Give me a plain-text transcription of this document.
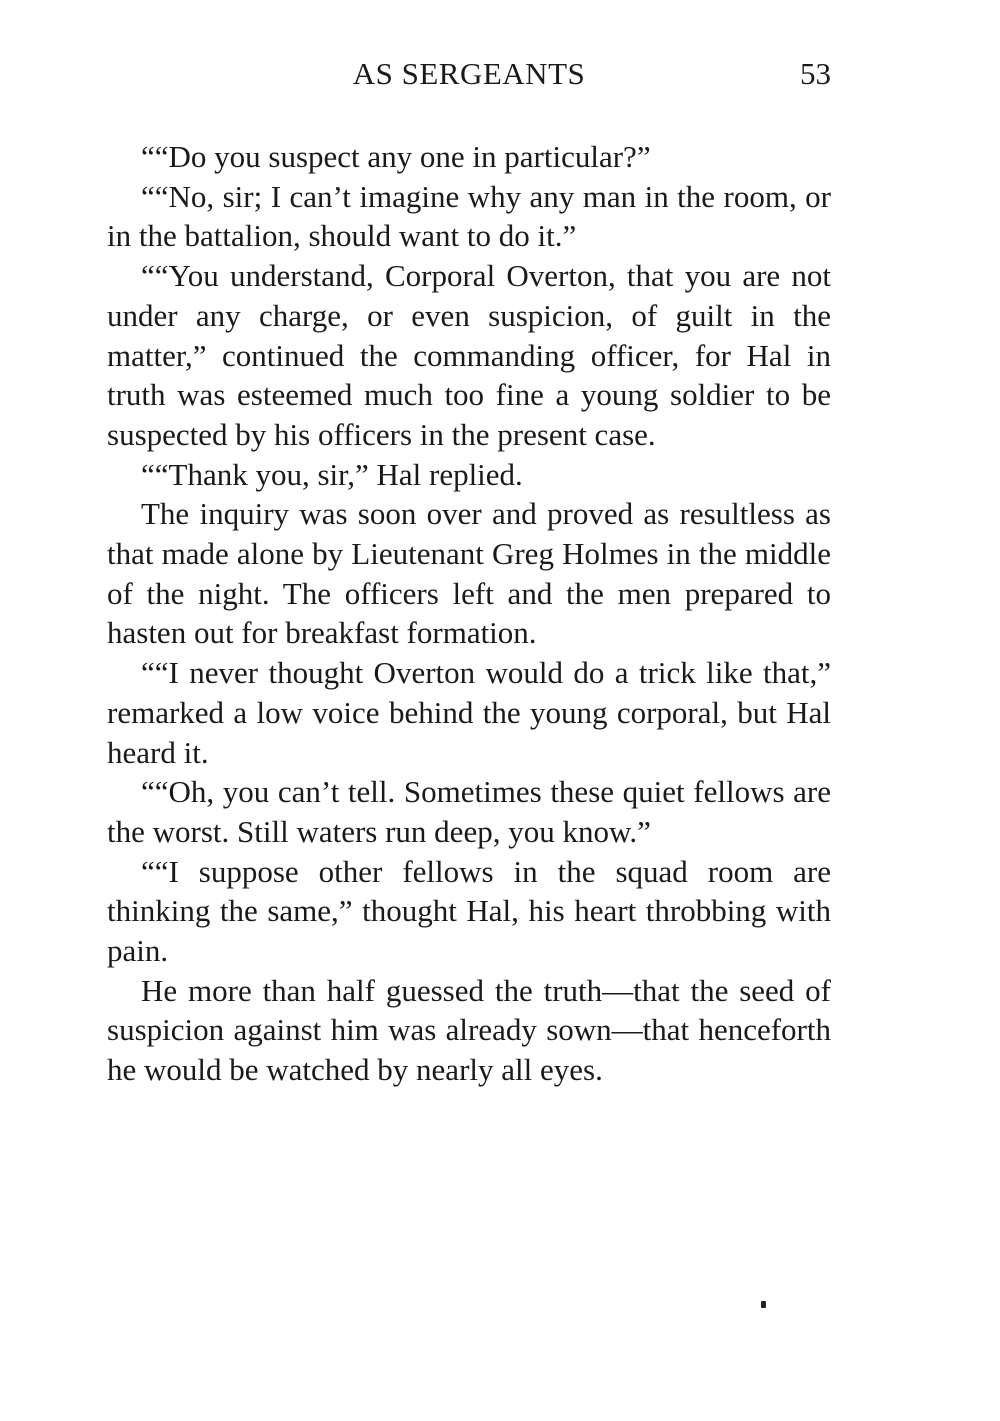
AS SERGEANTS	53

““Do you suspect any one in particular?”

““No, sir; I can’t imagine why any man in the room, or in the battalion, should want to do it.”

““You understand, Corporal Overton, that you are not under any charge, or even suspicion, of guilt in the matter,” continued the commanding officer, for Hal in truth was esteemed much too fine a young soldier to be suspected by his officers in the present case.

““Thank you, sir,” Hal replied.

The inquiry was soon over and proved as resultless as that made alone by Lieutenant Greg Holmes in the middle of the night. The officers left and the men prepared to hasten out for breakfast formation.

““I never thought Overton would do a trick like that,” remarked a low voice behind the young corporal, but Hal heard it.

““Oh, you can’t tell. Sometimes these quiet fellows are the worst. Still waters run deep, you know.”

““I suppose other fellows in the squad room are thinking the same,” thought Hal, his heart throbbing with pain.

He more than half guessed the truth—that the seed of suspicion against him was already sown—that henceforth he would be watched by nearly all eyes.
